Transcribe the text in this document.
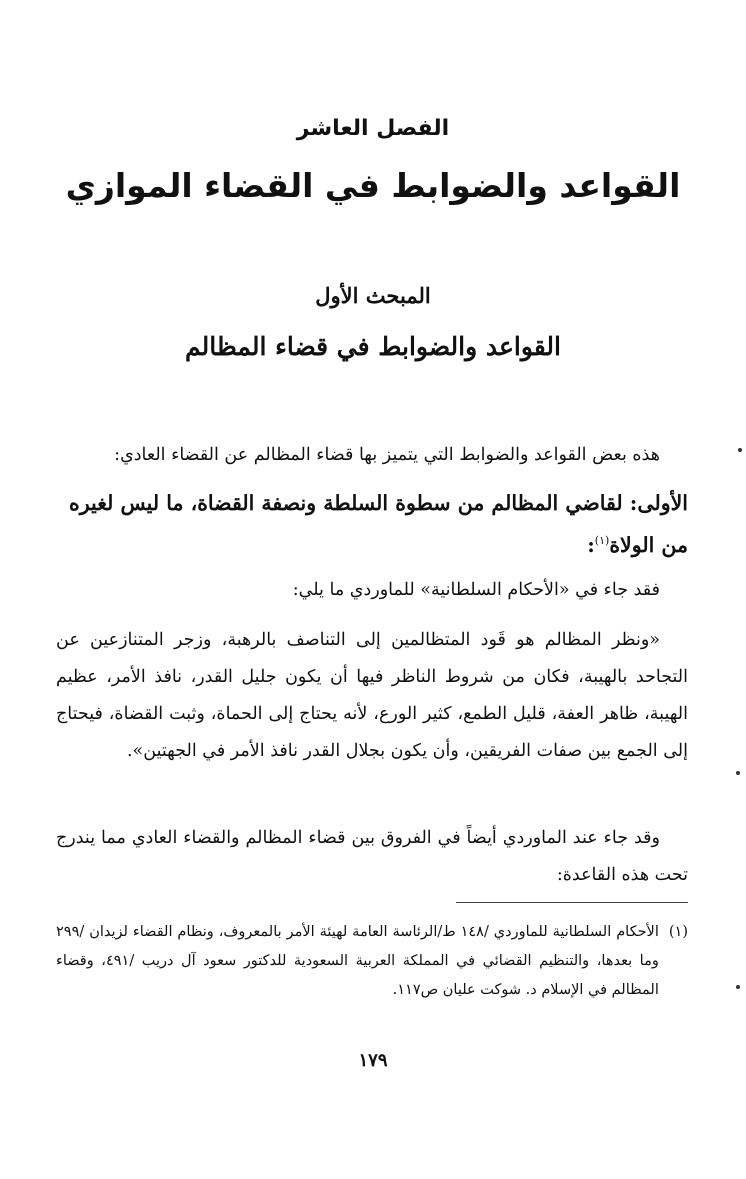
الفصل العاشر
القواعد والضوابط في القضاء الموازي
المبحث الأول
القواعد والضوابط في قضاء المظالم

هذه بعض القواعد والضوابط التي يتميز بها قضاء المظالم عن القضاء العادي:

الأولى: لقاضي المظالم من سطوة السلطة ونصفة القضاة، ما ليس لغيره من الولاة$^{(١)}$:

فقد جاء في «الأحكام السلطانية» للماوردي ما يلي:

«ونظر المظالم هو قَود المتظالمين إلى التناصف بالرهبة، وزجر المتنازعين عن التجاحد بالهيبة، فكان من شروط الناظر فيها أن يكون جليل القدر، نافذ الأمر، عظيم الهيبة، ظاهر العفة، قليل الطمع، كثير الورع، لأنه يحتاج إلى الحماة، وثبت القضاة، فيحتاج إلى الجمع بين صفات الفريقين، وأن يكون بجلال القدر نافذ الأمر في الجهتين».

وقد جاء عند الماوردي أيضاً في الفروق بين قضاء المظالم والقضاء العادي مما يندرج تحت هذه القاعدة:

(١)
الأحكام السلطانية للماوردي /١٤٨ ط/الرئاسة العامة لهيئة الأمر بالمعروف، ونظام القضاء لزيدان /٢٩٩ وما بعدها، والتنظيم القضائي في المملكة العربية السعودية للدكتور سعود آل دريب /٤٩١، وقضاء المظالم في الإسلام د. شوكت عليان ص١١٧.
١٧٩
